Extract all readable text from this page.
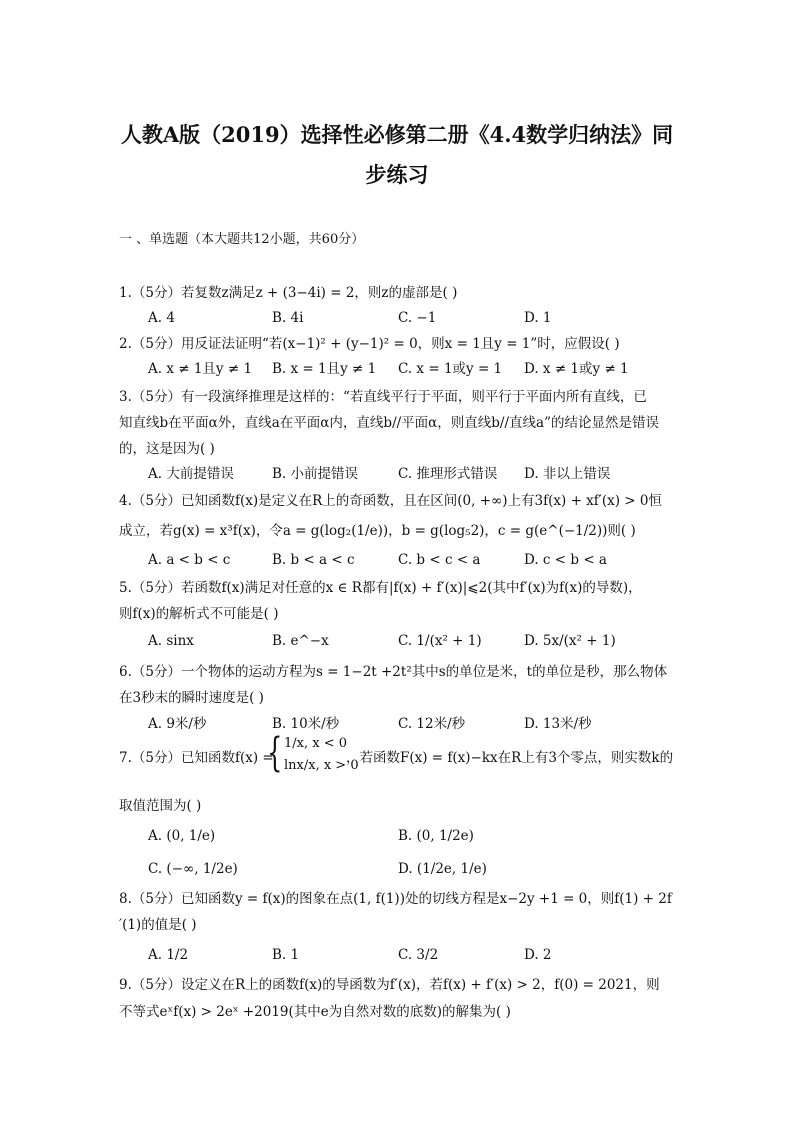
人教A版（2019）选择性必修第二册《4.4数学归纳法》同
步练习
一 、单选题（本大题共12小题，共60分）
1.（5分）若复数z满足z + (3−4i) = 2，则z的虚部是( )
A. 4	B. 4i	C. −1	D. 1
2.（5分）用反证法证明“若(x−1)² + (y−1)² = 0，则x = 1且y = 1”时，应假设( )
A. x ≠ 1且y ≠ 1 B. x = 1且y ≠ 1 C. x = 1或y = 1 D. x ≠ 1或y ≠ 1
3.（5分）有一段演绎推理是这样的：“若直线平行于平面，则平行于平面内所有直线，已
知直线b在平面α外，直线a在平面α内，直线b//平面α，则直线b//直线a”的结论显然是错误
的，这是因为( )
A. 大前提错误	B. 小前提错误	C. 推理形式错误 D. 非以上错误
4.（5分）已知函数f(x)是定义在R上的奇函数，且在区间(0, +∞)上有3f(x) + xf′(x) > 0恒
成立，若g(x) = x³f(x)，令a = g(log₂(1/e))，b = g(log₅2)，c = g(e^(−1/2))则( )
A. a < b < c	B. b < a < c	C. b < c < a	D. c < b < a
5.（5分）若函数f(x)满足对任意的x ∈ R都有|f(x) + f′(x)|⩽2(其中f′(x)为f(x)的导数)，
则f(x)的解析式不可能是( )
A. sinx	B. e^−x	C. 1/(x² + 1)	D. 5x/(x² + 1)
6.（5分）一个物体的运动方程为s = 1−2t +2t²其中s的单位是米，t的单位是秒，那么物体
在3秒末的瞬时速度是( )
A. 9米/秒	B. 10米/秒	C. 12米/秒	D. 13米/秒
7.（5分）已知函数f(x) =
{ 1/x, x < 0
lnx/x, x > 0
，若函数F(x) = f(x)−kx在R上有3个零点，则实数k的
取值范围为( )
A. (0, 1/e)	B. (0, 1/2e)
C. (−∞, 1/2e)	D. (1/2e, 1/e)
8.（5分）已知函数y = f(x)的图象在点(1, f(1))处的切线方程是x−2y +1 = 0，则f(1) + 2f
′(1)的值是( )
A. 1/2	B. 1	C. 3/2	D. 2
9.（5分）设定义在R上的函数f(x)的导函数为f′(x)，若f(x) + f′(x) > 2，f(0) = 2021，则
不等式eˣf(x) > 2eˣ +2019(其中e为自然对数的底数)的解集为( )
